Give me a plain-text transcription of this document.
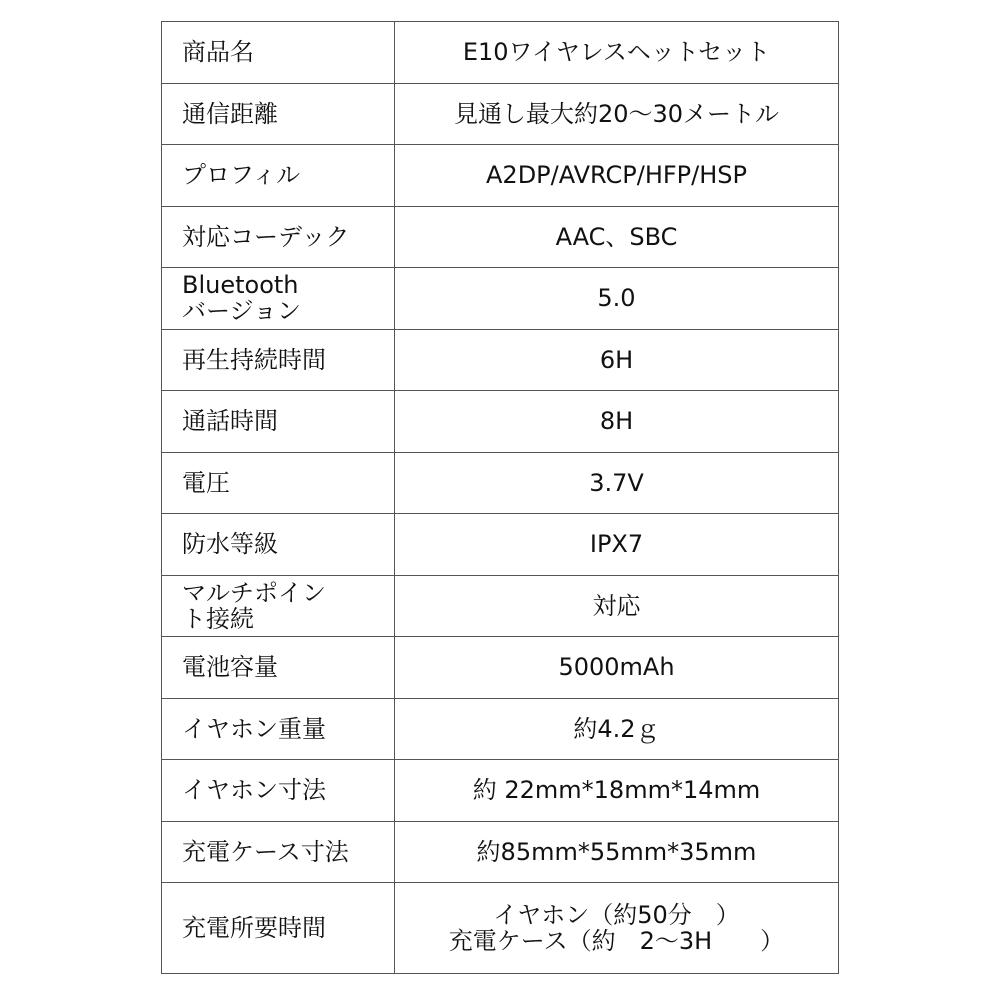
商品名	E10ワイヤレスヘットセット

通信距離	見通し最大約20～30メートル

プロフィル	A2DP/AVRCP/HFP/HSP

対応コーデック	AAC、SBC

Bluetooth
バージョン	5.0

再生持続時間	6H

通話時間	8H

電圧	3.7V

防水等級	IPX7

マルチポイン
ト接続	対応

電池容量	5000mAh

イヤホン重量	約4.2ｇ

イヤホン寸法	約 22mm*18mm*14mm

充電ケース寸法	約85mm*55mm*35mm

充電所要時間	イヤホン（約50分　）
充電ケース（約　2～3H　　）
